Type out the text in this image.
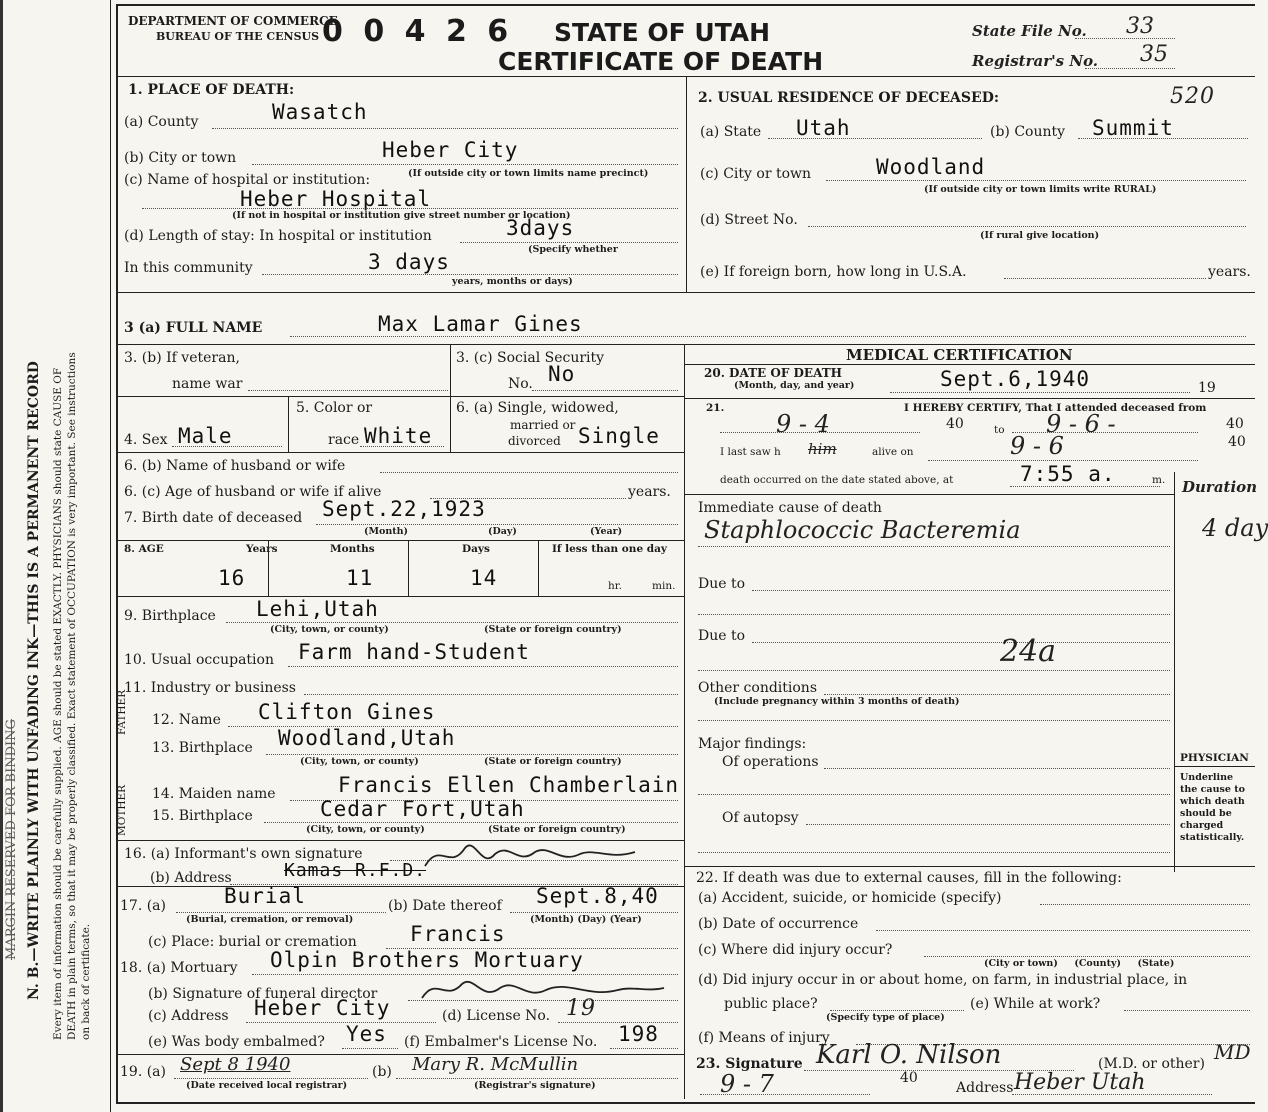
N. B.—WRITE PLAINLY WITH UNFADING INK—THIS IS A PERMANENT RECORD
MARGIN RESERVED FOR BINDING	Every item of information should be carefully supplied. AGE should be stated EXACTLY. PHYSICIANS should state CAUSE OF DEATH in plain terms, so that it may be properly classified. Exact statement of OCCUPATION is very important. See instructions on back of certificate.
DEPARTMENT OF COMMERCE
BUREAU OF THE CENSUS 0 0 4 2 6 STATE OF UTAH
CERTIFICATE OF DEATH
State File No. 33
Registrar's No. 35
1. PLACE OF DEATH:
(a) County	Wasatch
(b) City or town	Heber City
(c) Name of hospital or institution:	(If outside city or town limits name precinct)
Heber Hospital
(If not in hospital or institution give street number or location)
(d) Length of stay: In hospital or institution	3days
(Specify whether
In this community	3 days
years, months or days)
2. USUAL RESIDENCE OF DECEASED:	520
(a) State Utah	(b) County Summit
(c) City or town	Woodland
(If outside city or town limits write RURAL)
(d) Street No.
(If rural give location)
(e) If foreign born, how long in U.S.A.	years.
3 (a) FULL NAME	Max Lamar Gines
3. (b) If veteran,
name war
3. (c) Social Security
No. No
4. Sex Male
5. Color or
race White
6. (a) Single, widowed,
married or
divorced Single
6. (b) Name of husband or wife
6. (c) Age of husband or wife if alive	years.
7. Birth date of deceased Sept.22,1923
(Month)	(Day)	(Year)
8. AGE	Years	Months	Days	If less than one day
16	11	14	hr.	min.
9. Birthplace Lehi,Utah
(City, town, or county)	(State or foreign country)
10. Usual occupation Farm hand-Student
11. Industry or business
FATHER 12. Name Clifton Gines
13. Birthplace Woodland,Utah
(City, town, or county)	(State or foreign country)
MOTHER 14. Maiden name	Francis Ellen Chamberlain
15. Birthplace	Cedar Fort,Utah
(City, town, or county)	(State or foreign country)
16. (a) Informant's own signature
(b) Address	Kamas R.F.D.
17. (a)	Burial
(Burial, cremation, or removal)
(b) Date thereof Sept.8,40
(Month) (Day) (Year)
(c) Place: burial or cremation	Francis
18. (a) Mortuary Olpin Brothers Mortuary
(b) Signature of funeral director
(c) Address Heber City	(d) License No. 19
(e) Was body embalmed? Yes (f) Embalmer's License No. 198
19. (a) Sept 8 1940
(Date received local registrar)
(b) Mary R. McMullin
(Registrar's signature)
MEDICAL CERTIFICATION
20. DATE OF DEATH
(Month, day, and year)	Sept.6,1940	19
21.	I HEREBY CERTIFY, That I attended deceased from
9 - 4	40	to 9 - 6 -	40
I last saw h him	alive on	9 - 6	40
death occurred on the date stated above, at	7:55 a.	m. Duration
Immediate cause of death
Staphlococcic Bacteremia	4 day
Due to
Due to	24a
Other conditions
(Include pregnancy within 3 months of death)
Major findings:
Of operations
Of autopsy
PHYSICIAN
Underline the cause to which death should be charged statistically.
22. If death was due to external causes, fill in the following:
(a) Accident, suicide, or homicide (specify)
(b) Date of occurrence
(c) Where did injury occur?
(City or town)     (County)     (State)
(d) Did injury occur in or about home, on farm, in industrial place, in
public place?
(Specify type of place)
(e) While at work?
(f) Means of injury
23. Signature Karl O. Nilson	(M.D. or other) MD
9 - 7	40
Address Heber Utah
